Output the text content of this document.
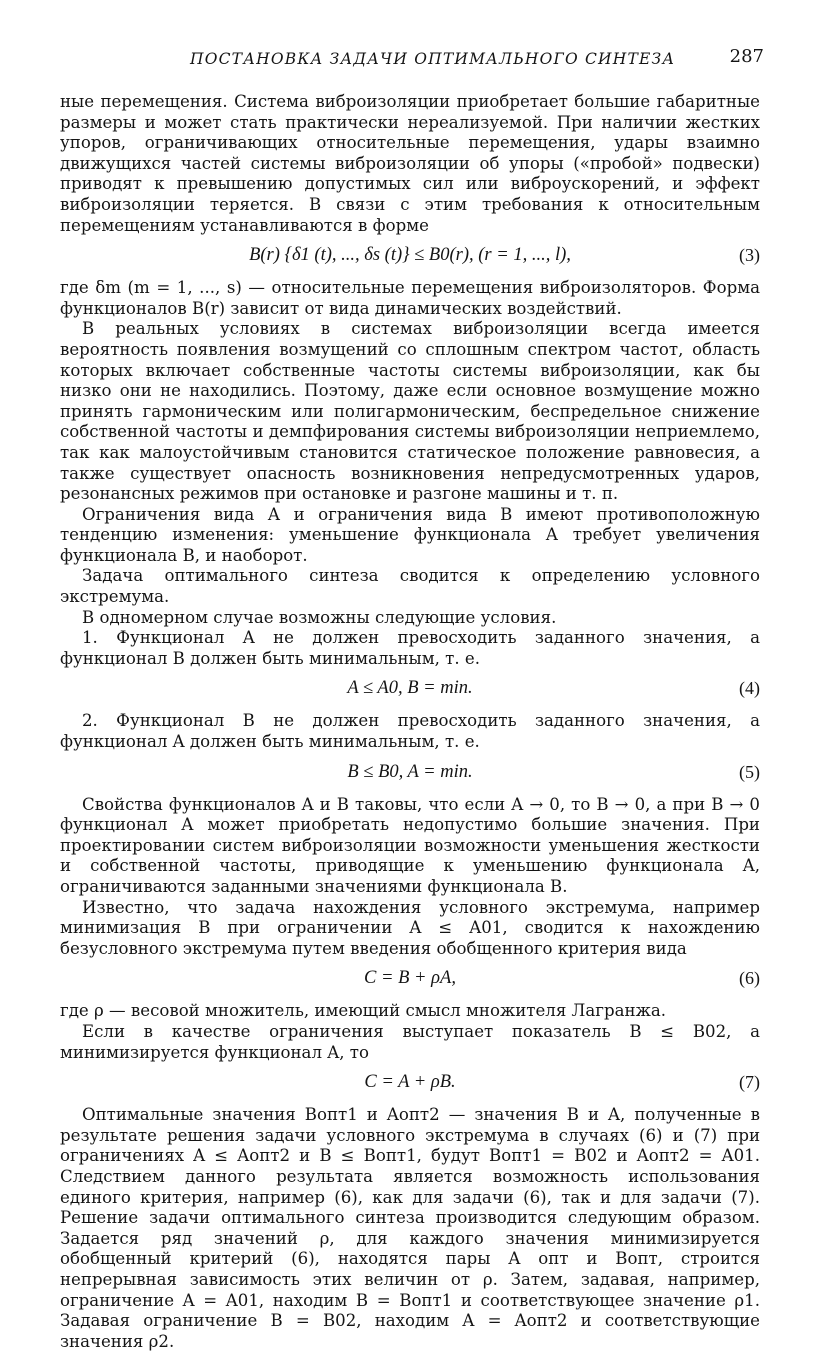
ПОСТАНОВКА ЗАДАЧИ ОПТИМАЛЬНОГО СИНТЕЗА	287

ные перемещения. Система виброизоляции приобретает большие габаритные размеры и может стать практически нереализуемой. При наличии жестких упоров, ограничивающих относительные перемещения, удары взаимно движущихся частей системы виброизоляции об упоры («пробой» подвески) приводят к превышению допустимых сил или виброускорений, и эффект виброизоляции теряется. В связи с этим требования к относительным перемещениям устанавливаются в форме

B(r) {δ1 (t), ..., δs (t)} ≤ B0(r), (r = 1, ..., l),	(3)

где δm (m = 1, ..., s) — относительные перемещения виброизоляторов. Форма функционалов B(r) зависит от вида динамических воздействий.

В реальных условиях в системах виброизоляции всегда имеется вероятность появления возмущений со сплошным спектром частот, область которых включает собственные частоты системы виброизоляции, как бы низко они не находились. Поэтому, даже если основное возмущение можно принять гармоническим или полигармоническим, беспредельное снижение собственной частоты и демпфирования системы виброизоляции неприемлемо, так как малоустойчивым становится статическое положение равновесия, а также существует опасность возникновения непредусмотренных ударов, резонансных режимов при остановке и разгоне машины и т. п.

Ограничения вида А и ограничения вида В имеют противоположную тенденцию изменения: уменьшение функционала A требует увеличения функционала B, и наоборот.

Задача оптимального синтеза сводится к определению условного экстремума.

В одномерном случае возможны следующие условия.

1. Функционал A не должен превосходить заданного значения, а функционал B должен быть минимальным, т. е.

A ≤ A0, B = min.	(4)

2. Функционал B не должен превосходить заданного значения, а функционал A должен быть минимальным, т. е.

B ≤ B0, A = min.	(5)

Свойства функционалов A и B таковы, что если A → 0, то B → 0, а при B → 0 функционал A может приобретать недопустимо большие значения. При проектировании систем виброизоляции возможности уменьшения жесткости и собственной частоты, приводящие к уменьшению функционала A, ограничиваются заданными значениями функционала B.

Известно, что задача нахождения условного экстремума, например минимизация B при ограничении A ≤ A01, сводится к нахождению безусловного экстремума путем введения обобщенного критерия вида

C = B + ρA,	(6)

где ρ — весовой множитель, имеющий смысл множителя Лагранжа.

Если в качестве ограничения выступает показатель B ≤ B02, а минимизируется функционал A, то

C = A + ρB.	(7)

Оптимальные значения Bопт1 и Aопт2 — значения B и A, полученные в результате решения задачи условного экстремума в случаях (6) и (7) при ограничениях A ≤ Aопт2 и B ≤ Bопт1, будут Bопт1 = B02 и Aопт2 = A01. Следствием данного результата является возможность использования единого критерия, например (6), как для задачи (6), так и для задачи (7). Решение задачи оптимального синтеза производится следующим образом. Задается ряд значений ρ, для каждого значения минимизируется обобщенный критерий (6), находятся пары A опт и Bопт, строится непрерывная зависимость этих величин от ρ. Затем, задавая, например, ограничение A = A01, находим B = Bопт1 и соответствующее значение ρ1. Задавая ограничение B = B02, находим A = Aопт2 и соответствующие значения ρ2.
